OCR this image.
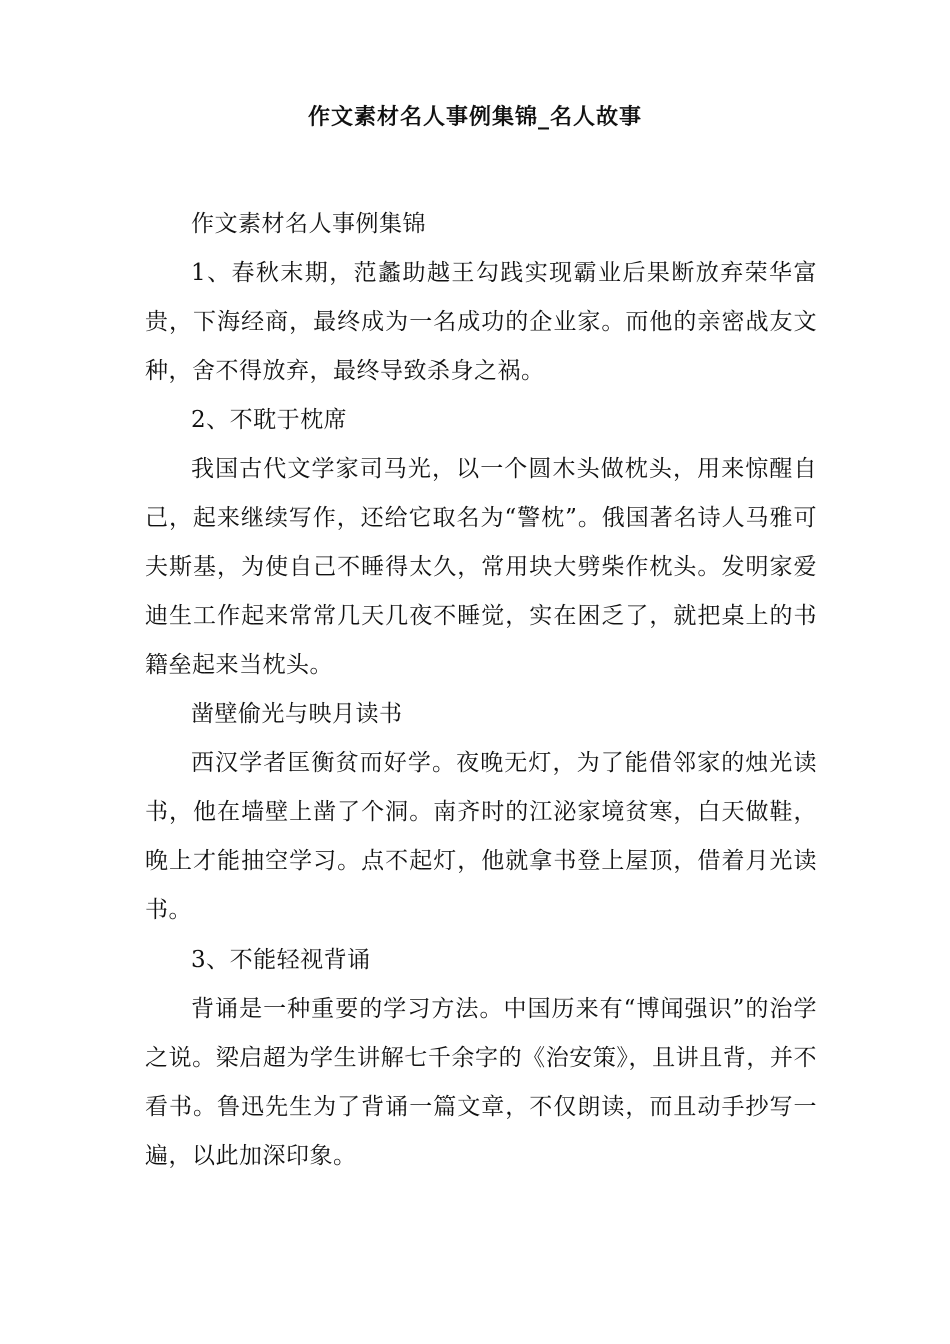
作文素材名人事例集锦_名人故事

作文素材名人事例集锦

1、春秋末期，范蠡助越王勾践实现霸业后果断放弃荣华富贵，下海经商，最终成为一名成功的企业家。而他的亲密战友文种，舍不得放弃，最终导致杀身之祸。

2、不耽于枕席

我国古代文学家司马光，以一个圆木头做枕头，用来惊醒自己，起来继续写作，还给它取名为“警枕”。俄国著名诗人马雅可夫斯基，为使自己不睡得太久，常用块大劈柴作枕头。发明家爱迪生工作起来常常几天几夜不睡觉，实在困乏了，就把桌上的书籍垒起来当枕头。

凿壁偷光与映月读书

西汉学者匡衡贫而好学。夜晚无灯，为了能借邻家的烛光读书，他在墙壁上凿了个洞。南齐时的江泌家境贫寒，白天做鞋，晚上才能抽空学习。点不起灯，他就拿书登上屋顶，借着月光读书。

3、不能轻视背诵

背诵是一种重要的学习方法。中国历来有“博闻强识”的治学之说。梁启超为学生讲解七千余字的《治安策》，且讲且背，并不看书。鲁迅先生为了背诵一篇文章，不仅朗读，而且动手抄写一遍，以此加深印象。
